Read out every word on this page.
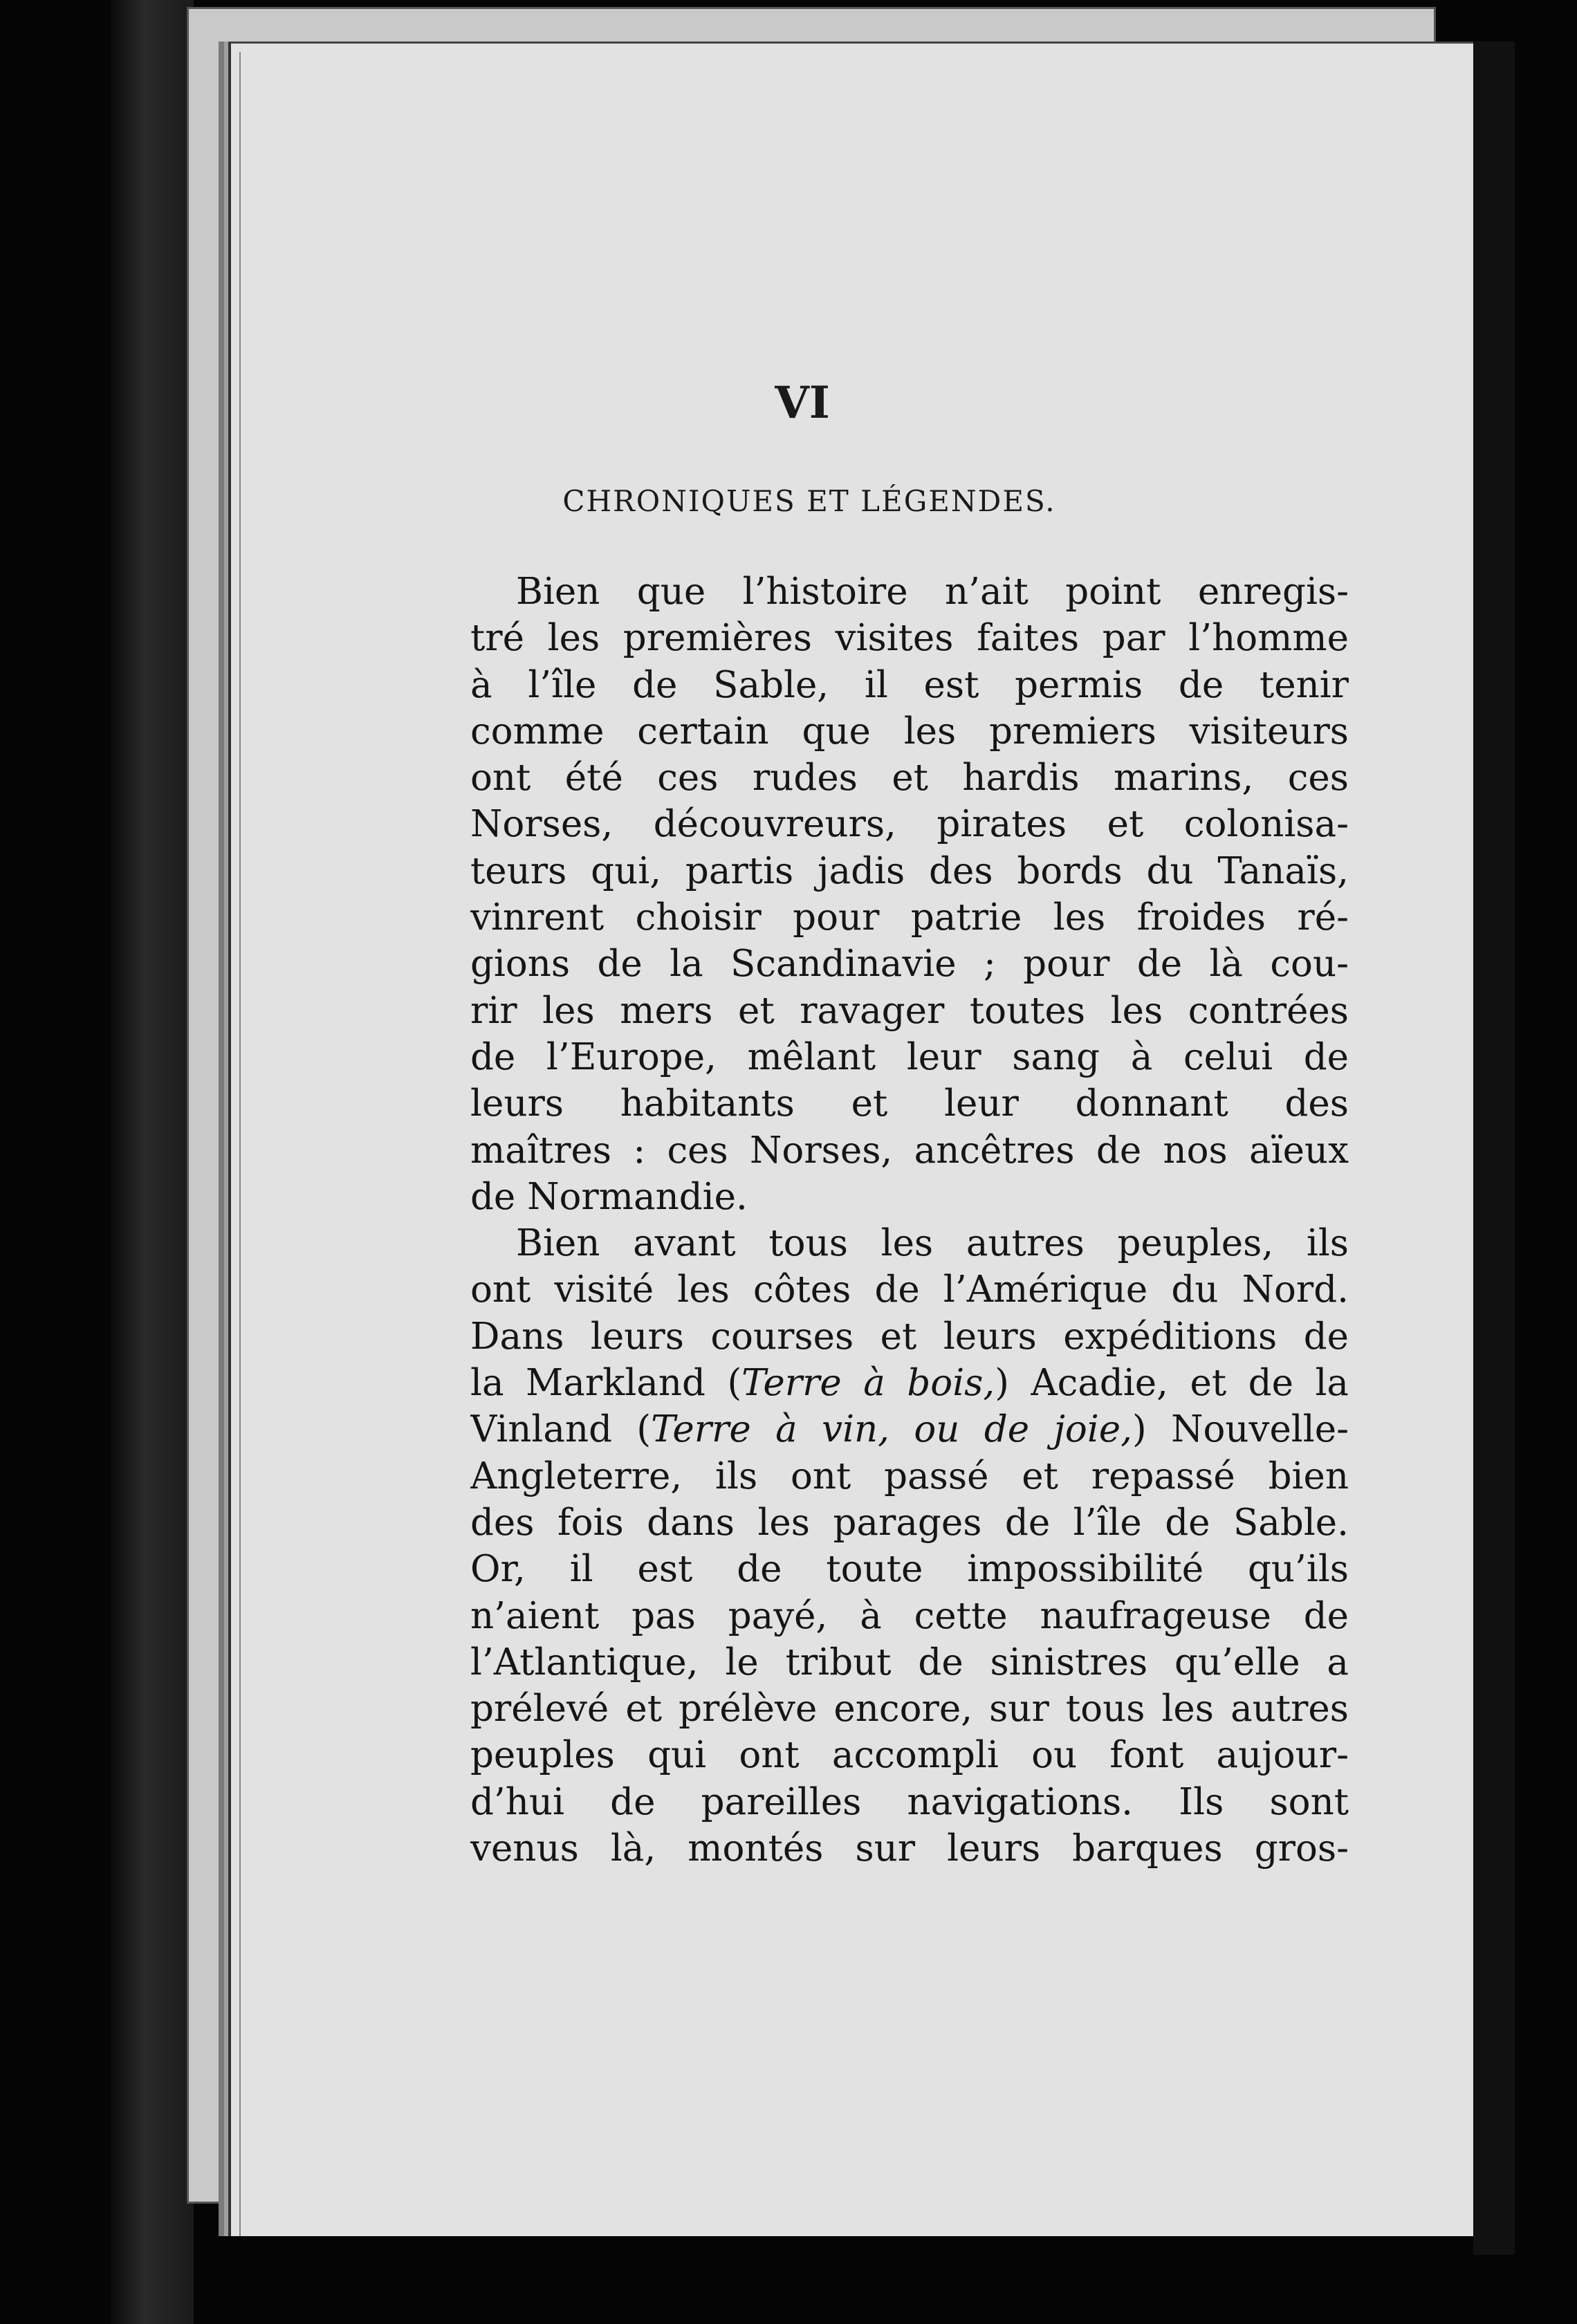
VI
CHRONIQUES ET LÉGENDES.
Bien que l’histoire n’ait point enregis-
tré les premières visites faites par l’homme
à l’île de Sable, il est permis de tenir
comme certain que les premiers visiteurs
ont été ces rudes et hardis marins, ces
Norses, découvreurs, pirates et colonisa-
teurs qui, partis jadis des bords du Tanaïs,
vinrent choisir pour patrie les froides ré-
gions de la Scandinavie ; pour de là cou-
rir les mers et ravager toutes les contrées
de l’Europe, mêlant leur sang à celui de
leurs habitants et leur donnant des
maîtres : ces Norses, ancêtres de nos aïeux
de Normandie.
Bien avant tous les autres peuples, ils
ont visité les côtes de l’Amérique du Nord.
Dans leurs courses et leurs expéditions de
la Markland (Terre à bois,) Acadie, et de la
Vinland (Terre à vin, ou de joie,) Nouvelle-
Angleterre, ils ont passé et repassé bien
des fois dans les parages de l’île de Sable.
Or, il est de toute impossibilité qu’ils
n’aient pas payé, à cette naufrageuse de
l’Atlantique, le tribut de sinistres qu’elle a
prélevé et prélève encore, sur tous les autres
peuples qui ont accompli ou font aujour-
d’hui de pareilles navigations. Ils sont
venus là, montés sur leurs barques gros-
